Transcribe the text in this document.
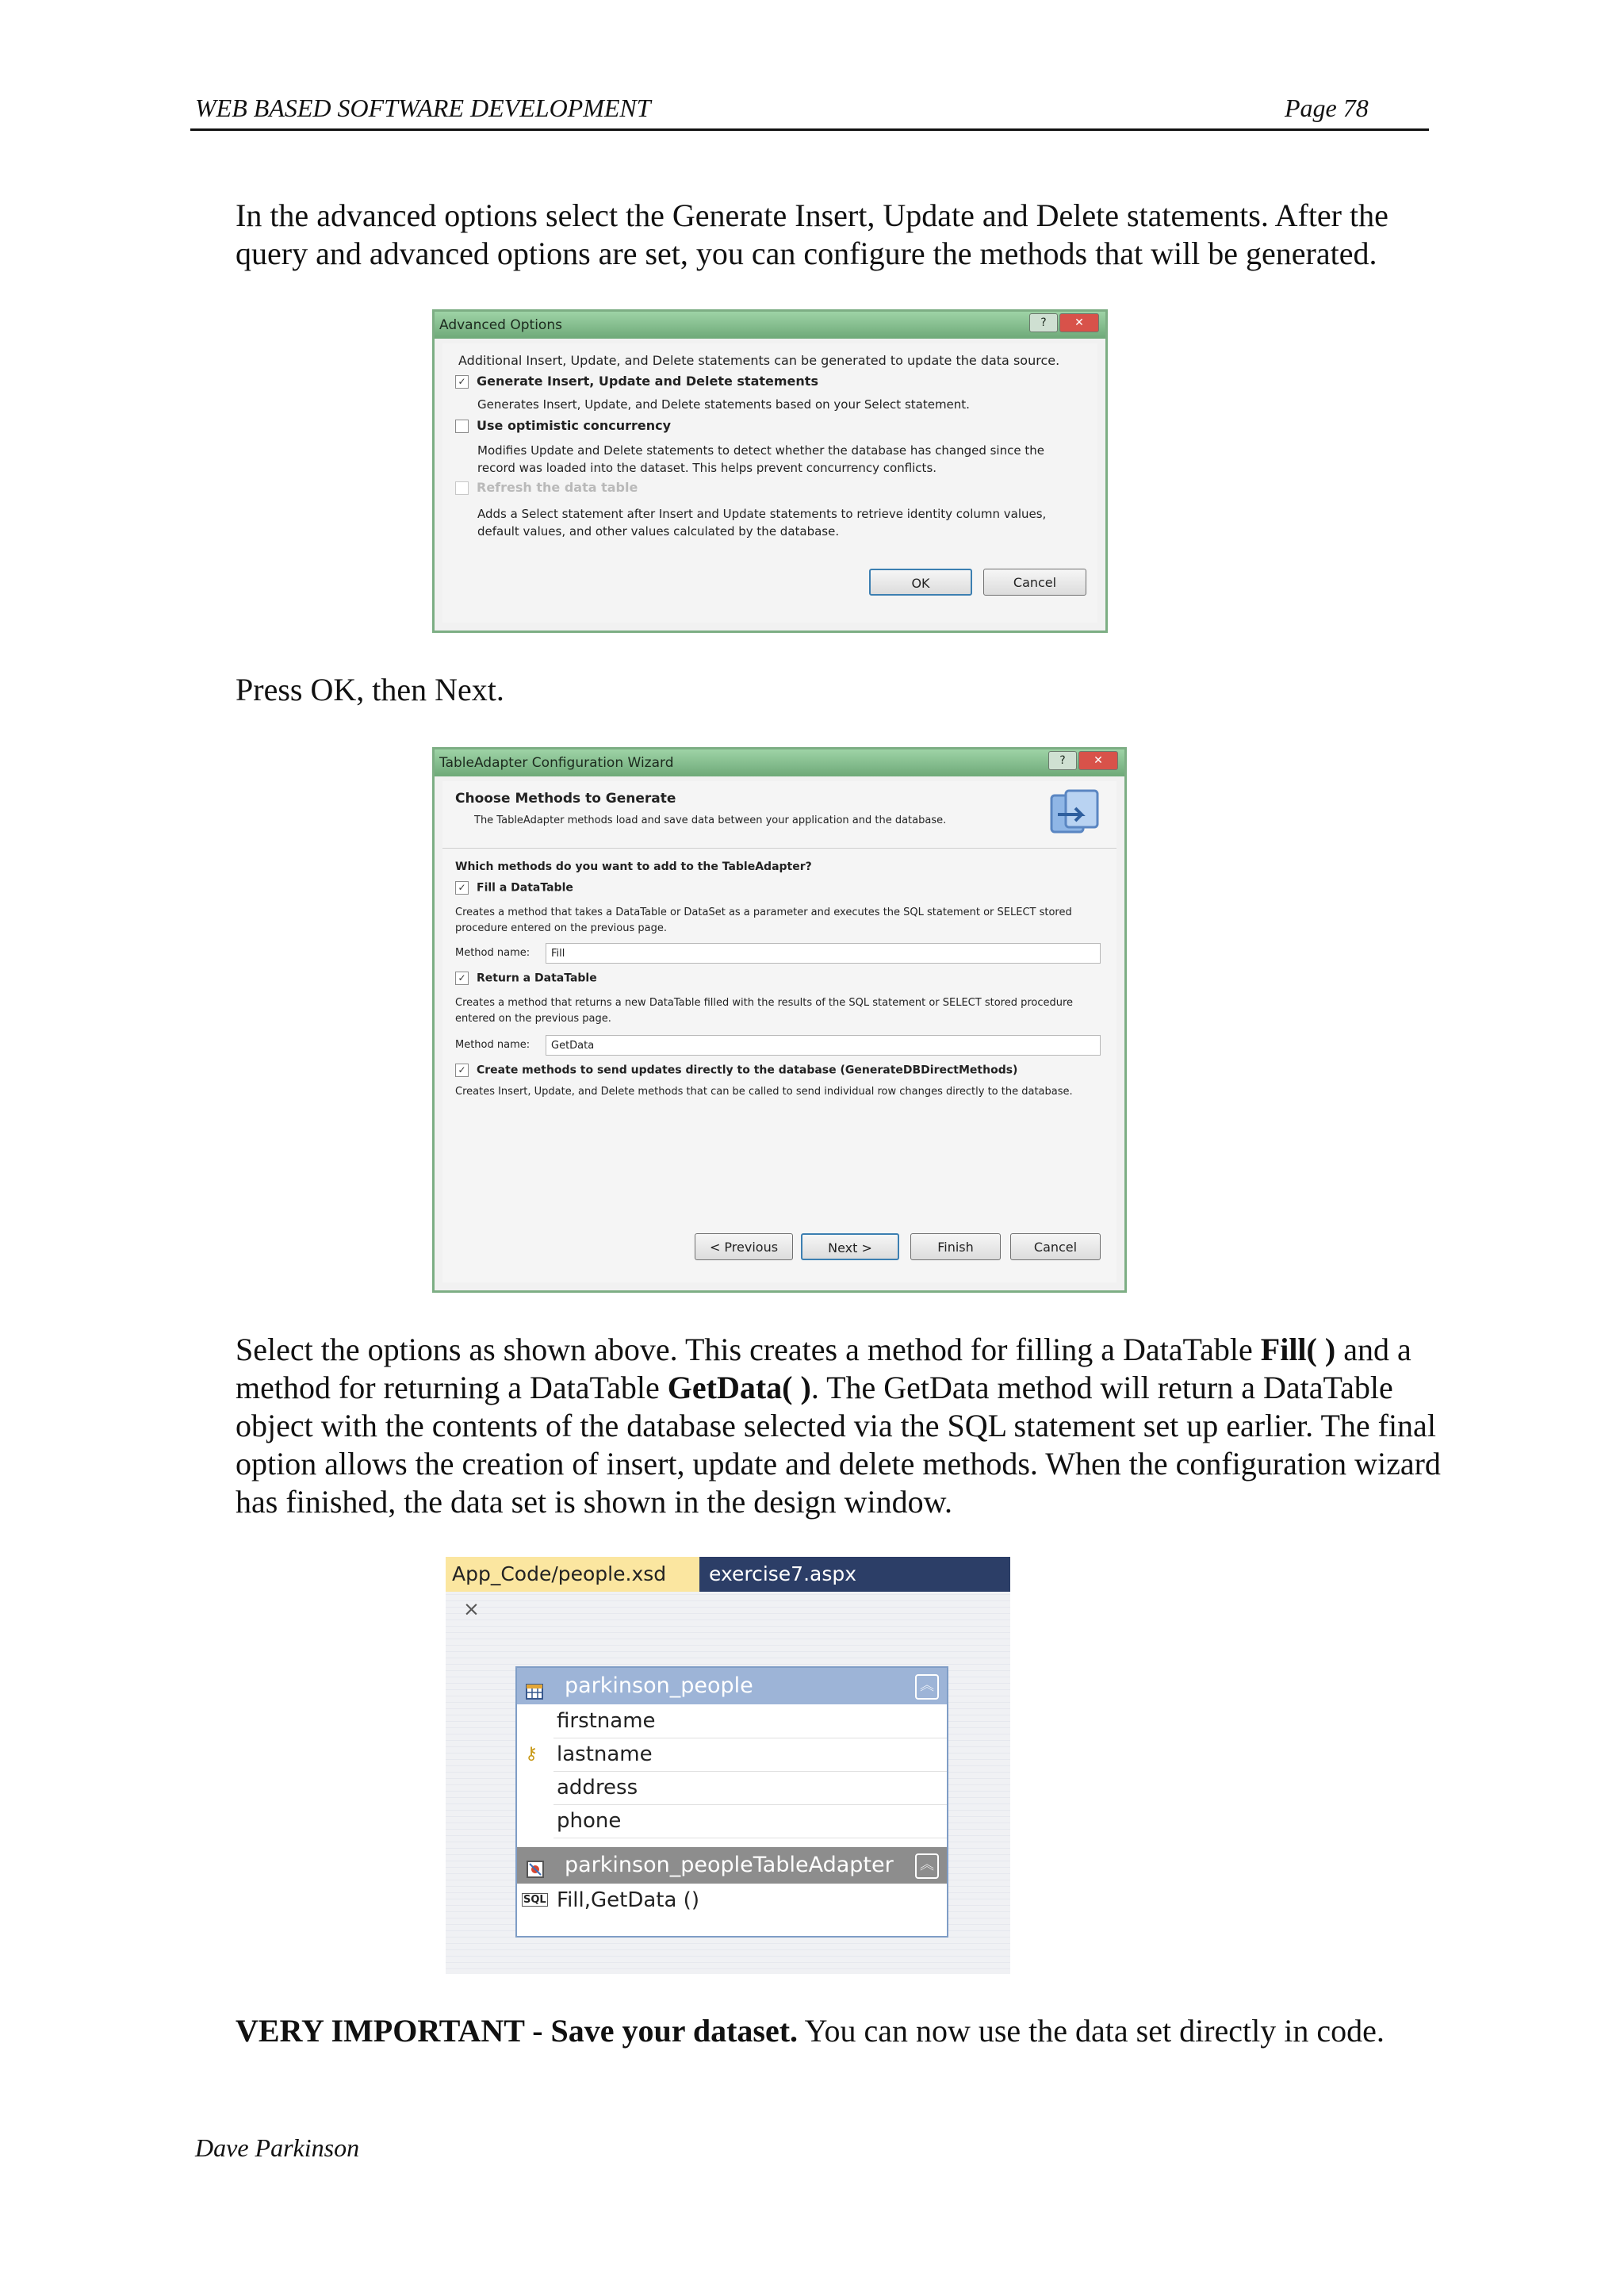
WEB BASED SOFTWARE DEVELOPMENT	Page 78
In the advanced options select the Generate Insert, Update and Delete statements. After the query and advanced options are set, you can configure the methods that will be generated.
Advanced Options	?	✕
Additional Insert, Update, and Delete statements can be generated to update the data source.
✓ Generate Insert, Update and Delete statements
Generates Insert, Update, and Delete statements based on your Select statement.
Use optimistic concurrency
Modifies Update and Delete statements to detect whether the database has changed since the record was loaded into the dataset. This helps prevent concurrency conflicts.
Refresh the data table
Adds a Select statement after Insert and Update statements to retrieve identity column values, default values, and other values calculated by the database.
OK	Cancel
Press OK, then Next.
TableAdapter Configuration Wizard	?	✕
Choose Methods to Generate
The TableAdapter methods load and save data between your application and the database.
Which methods do you want to add to the TableAdapter?
✓ Fill a DataTable
Creates a method that takes a DataTable or DataSet as a parameter and executes the SQL statement or SELECT stored procedure entered on the previous page.
Method name:	Fill
✓ Return a DataTable
Creates a method that returns a new DataTable filled with the results of the SQL statement or SELECT stored procedure entered on the previous page.
Method name:	GetData
✓ Create methods to send updates directly to the database (GenerateDBDirectMethods)
Creates Insert, Update, and Delete methods that can be called to send individual row changes directly to the database.
< Previous	Next >	Finish	Cancel
Select the options as shown above. This creates a method for filling a DataTable Fill( ) and a method for returning a DataTable GetData( ). The GetData method will return a DataTable object with the contents of the database selected via the SQL statement set up earlier. The final option allows the creation of insert, update and delete methods. When the configuration wizard has finished, the data set is shown in the design window.
App_Code/people.xsd ×
exercise7.aspx
parkinson_people	︽
firstname
lastname
⚷
address
phone
parkinson_peopleTableAdapter	︽
SQL Fill,GetData ()
VERY IMPORTANT - Save your dataset. You can now use the data set directly in code.
Dave Parkinson
